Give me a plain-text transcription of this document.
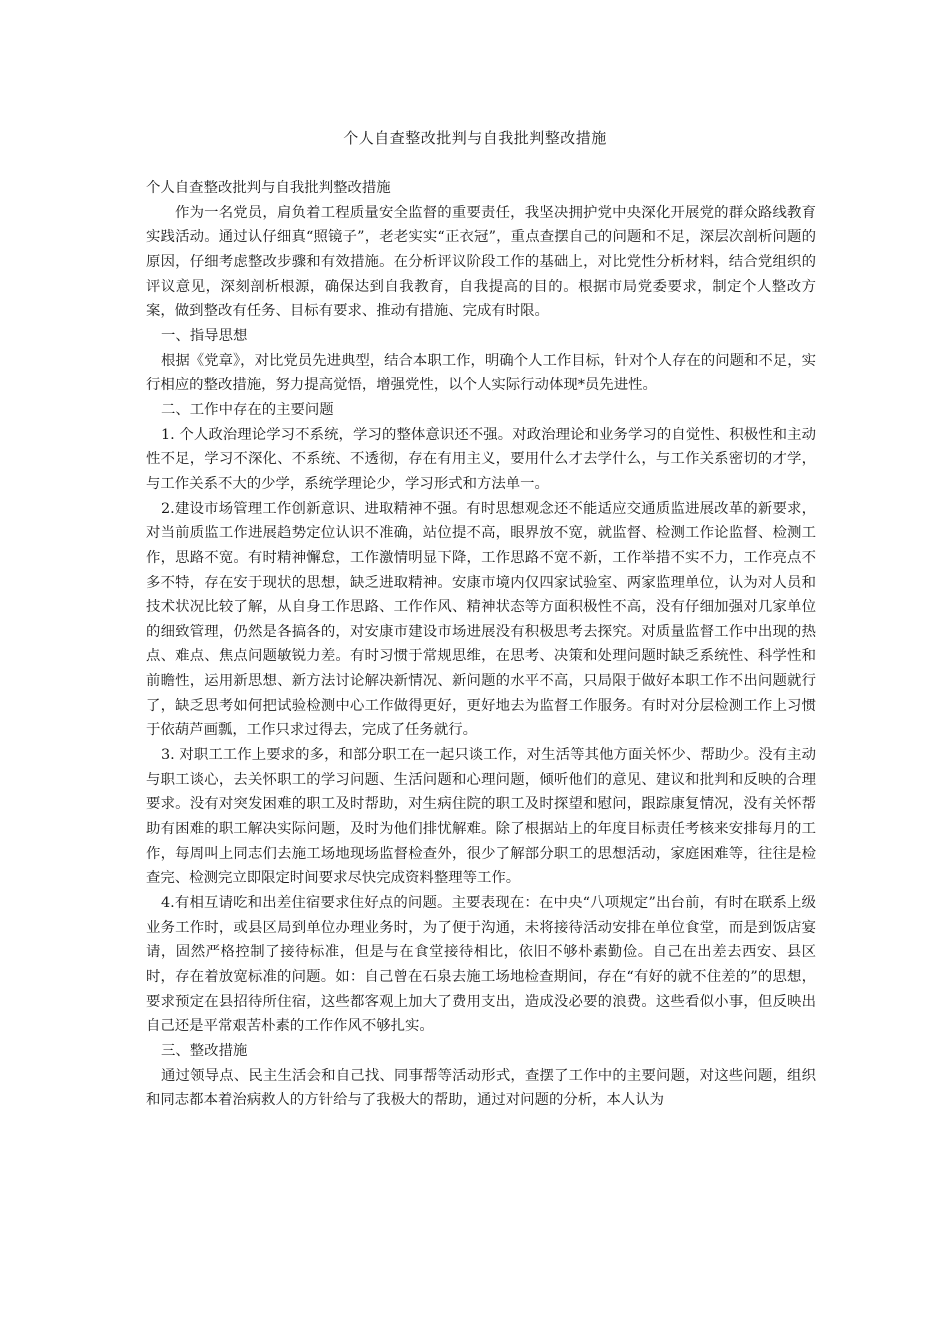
个人自查整改批判与自我批判整改措施

个人自查整改批判与自我批判整改措施

作为一名党员，肩负着工程质量安全监督的重要责任，我坚决拥护党中央深化开展党的群众路线教育实践活动。通过认仔细真“照镜子”，老老实实“正衣冠”，重点查摆自己的问题和不足，深层次剖析问题的原因，仔细考虑整改步骤和有效措施。在分析评议阶段工作的基础上，对比党性分析材料，结合党组织的评议意见，深刻剖析根源，确保达到自我教育，自我提高的目的。根据市局党委要求，制定个人整改方案，做到整改有任务、目标有要求、推动有措施、完成有时限。

一、指导思想

根据《党章》，对比党员先进典型，结合本职工作，明确个人工作目标，针对个人存在的问题和不足，实行相应的整改措施，努力提高觉悟，增强党性，以个人实际行动体现*员先进性。

二、工作中存在的主要问题

1. 个人政治理论学习不系统，学习的整体意识还不强。对政治理论和业务学习的自觉性、积极性和主动性不足，学习不深化、不系统、不透彻，存在有用主义，要用什么才去学什么，与工作关系密切的才学，与工作关系不大的少学，系统学理论少，学习形式和方法单一。

2.建设市场管理工作创新意识、进取精神不强。有时思想观念还不能适应交通质监进展改革的新要求，对当前质监工作进展趋势定位认识不准确，站位提不高，眼界放不宽，就监督、检测工作论监督、检测工作，思路不宽。有时精神懈怠，工作激情明显下降，工作思路不宽不新，工作举措不实不力，工作亮点不多不特，存在安于现状的思想，缺乏进取精神。安康市境内仅四家试验室、两家监理单位，认为对人员和技术状况比较了解，从自身工作思路、工作作风、精神状态等方面积极性不高，没有仔细加强对几家单位的细致管理，仍然是各搞各的，对安康市建设市场进展没有积极思考去探究。对质量监督工作中出现的热点、难点、焦点问题敏锐力差。有时习惯于常规思维，在思考、决策和处理问题时缺乏系统性、科学性和前瞻性，运用新思想、新方法讨论解决新情况、新问题的水平不高，只局限于做好本职工作不出问题就行了，缺乏思考如何把试验检测中心工作做得更好，更好地去为监督工作服务。有时对分层检测工作上习惯于依葫芦画瓢，工作只求过得去，完成了任务就行。

3. 对职工工作上要求的多，和部分职工在一起只谈工作，对生活等其他方面关怀少、帮助少。没有主动与职工谈心，去关怀职工的学习问题、生活问题和心理问题，倾听他们的意见、建议和批判和反映的合理要求。没有对突发困难的职工及时帮助，对生病住院的职工及时探望和慰问，跟踪康复情况，没有关怀帮助有困难的职工解决实际问题，及时为他们排忧解难。除了根据站上的年度目标责任考核来安排每月的工作，每周叫上同志们去施工场地现场监督检查外，很少了解部分职工的思想活动，家庭困难等，往往是检查完、检测完立即限定时间要求尽快完成资料整理等工作。

4.有相互请吃和出差住宿要求住好点的问题。主要表现在：在中央“八项规定”出台前，有时在联系上级业务工作时，或县区局到单位办理业务时，为了便于沟通，未将接待活动安排在单位食堂，而是到饭店宴请，固然严格控制了接待标准，但是与在食堂接待相比，依旧不够朴素勤俭。自己在出差去西安、县区时，存在着放宽标准的问题。如：自己曾在石泉去施工场地检查期间，存在“有好的就不住差的”的思想，要求预定在县招待所住宿，这些都客观上加大了费用支出，造成没必要的浪费。这些看似小事，但反映出自己还是平常艰苦朴素的工作作风不够扎实。

三、整改措施

通过领导点、民主生活会和自己找、同事帮等活动形式，查摆了工作中的主要问题，对这些问题，组织和同志都本着治病救人的方针给与了我极大的帮助，通过对问题的分析，本人认为
